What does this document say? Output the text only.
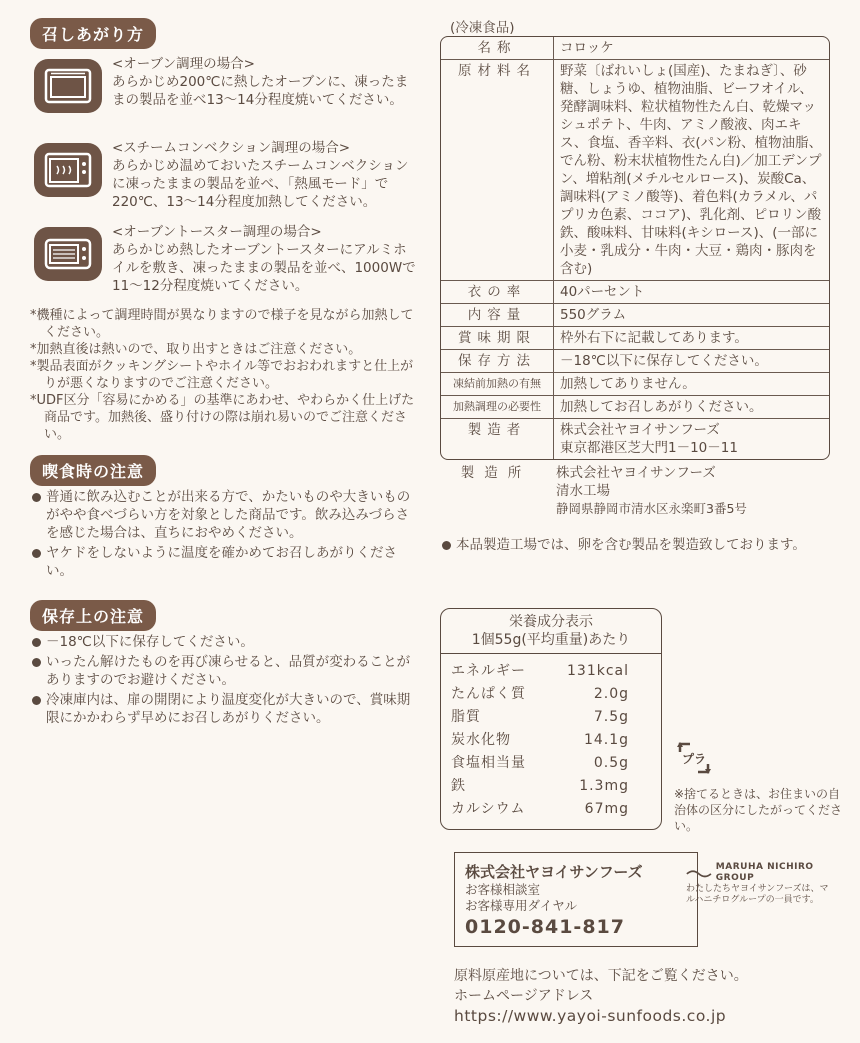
召しあがり方
<オーブン調理の場合>
あらかじめ200℃に熱したオーブンに、凍ったままの製品を並べ13～14分程度焼いてください。
<スチームコンベクション調理の場合>
あらかじめ温めておいたスチームコンベクションに凍ったままの製品を並べ、「熱風モード」で220℃、13～14分程度加熱してください。
<オーブントースター調理の場合>
あらかじめ熱したオーブントースターにアルミホイルを敷き、凍ったままの製品を並べ、1000Wで11～12分程度焼いてください。
*機種によって調理時間が異なりますので様子を見ながら加熱してください。
*加熱直後は熱いので、取り出すときはご注意ください。
*製品表面がクッキングシートやホイル等でおおわれますと仕上がりが悪くなりますのでご注意ください。
*UDF区分「容易にかめる」の基準にあわせ、やわらかく仕上げた商品です。加熱後、盛り付けの際は崩れ易いのでご注意ください。
喫食時の注意
普通に飲み込むことが出来る方で、かたいものや大きいものがやや食べづらい方を対象とした商品です。飲み込みづらさを感じた場合は、直ちにおやめください。
ヤケドをしないように温度を確かめてお召しあがりください。
保存上の注意
－18℃以下に保存してください。
いったん解けたものを再び凍らせると、品質が変わることがありますのでお避けください。
冷凍庫内は、扉の開閉により温度変化が大きいので、賞味期限にかかわらず早めにお召しあがりください。
(冷凍食品)
名称	コロッケ

原材料名	野菜〔ばれいしょ(国産)、たまねぎ〕、砂糖、しょうゆ、植物油脂、ビーフオイル、発酵調味料、粒状植物性たん白、乾燥マッシュポテト、牛肉、アミノ酸液、肉エキス、食塩、香辛料、衣(パン粉、植物油脂、でん粉、粉末状植物性たん白)／加工デンプン、増粘剤(メチルセルロース)、炭酸Ca、調味料(アミノ酸等)、着色料(カラメル、パプリカ色素、ココア)、乳化剤、ピロリン酸鉄、酸味料、甘味料(キシロース)、(一部に小麦・乳成分・牛肉・大豆・鶏肉・豚肉を含む)

衣の率	40パーセント

内容量	550グラム

賞味期限	枠外右下に記載してあります。

保存方法	－18℃以下に保存してください。

凍結前加熱の有無	加熱してありません。

加熱調理の必要性	加熱してお召しあがりください。

製造者	株式会社ヤヨイサンフーズ
東京都港区芝大門1－10－11
製造所	株式会社ヤヨイサンフーズ
清水工場
静岡県静岡市清水区永楽町3番5号
本品製造工場では、卵を含む製品を製造致しております。
栄養成分表示
1個55g(平均重量)あたり
エネルギー	131kcal
たんぱく質	2.0g
脂質	7.5g
炭水化物	14.1g
食塩相当量	0.5g
鉄	1.3mg
カルシウム	67mg
プラ
※捨てるときは、お住まいの自治体の区分にしたがってください。
株式会社ヤヨイサンフーズ
お客様相談室
お客様専用ダイヤル
0120-841-817
MARUHA NICHIRO GROUP
わたしたちヤヨイサンフーズは、マルハニチログループの一員です。
原料原産地については、下記をご覧ください。
ホームページアドレス
https://www.yayoi-sunfoods.co.jp
